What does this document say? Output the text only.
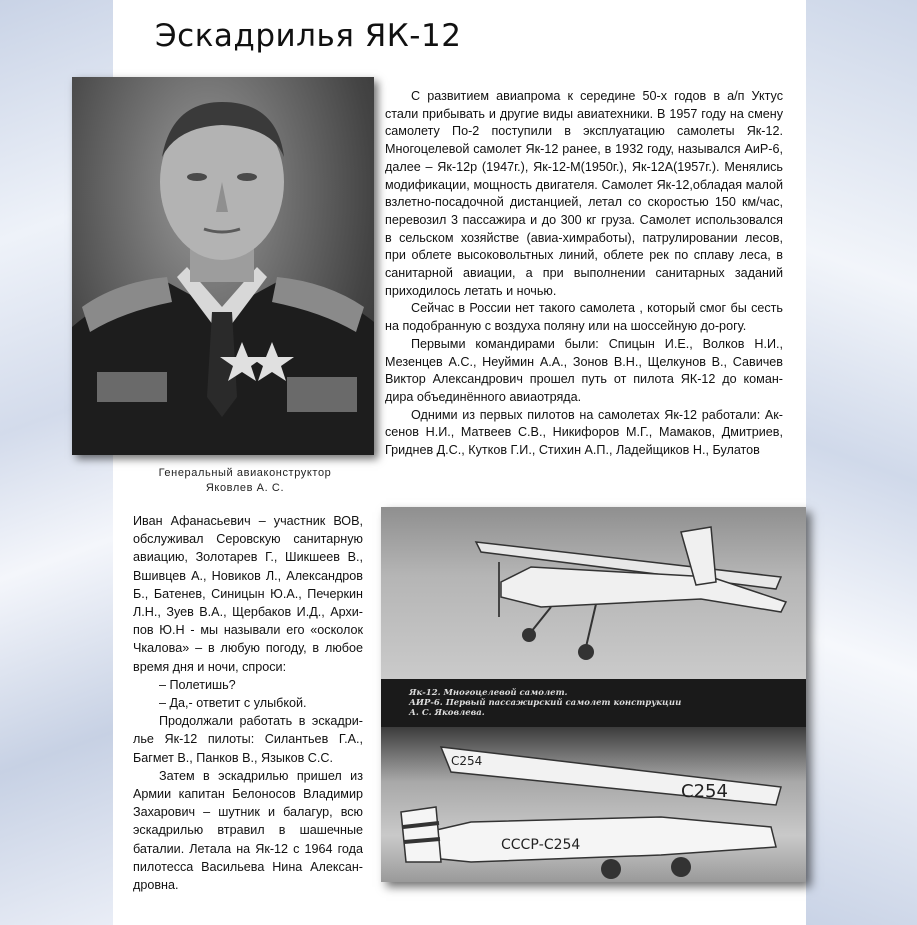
Эскадрилья ЯК-12
Генеральный авиаконструктор
Яковлев А. С.

С развитием авиапрома к середине 50-х годов в а/п Уктус стали прибывать и другие виды авиатехники. В 1957 году на смену самолету По-2 поступили в эксплуатацию самолеты Як-12. Многоцелевой самолет Як-12 ранее, в 1932 году, назывался АиР-6, далее – Як-12р (1947г.), Як-12-М(1950г.), Як-12А(1957г.). Менялись модификации, мощность двигателя. Самолет Як-12,обладая малой взлетно-посадочной дистанцией, летал со скоростью 150 км/час, перевозил 3 пассажира и до 300 кг груза. Самолет использовался в сельском хозяйстве (авиа-химработы), патрулировании лесов, при облете высоковольтных линий, облете рек по сплаву леса, в санитарной авиации, а при выполнении санитарных заданий приходилось летать и ночью.

Сейчас в России нет такого самолета , который смог бы сесть на подобранную с воздуха поляну или на шоссейную до-рогу.

Первыми командирами были: Спицын И.Е., Волков Н.И., Мезенцев А.С., Неуймин А.А., Зонов В.Н., Щелкунов В., Савичев Виктор Александрович прошел путь от пилота ЯК-12 до коман-дира объединённого авиаотряда.

Одними из первых пилотов на самолетах Як-12 работали: Ак-сенов Н.И., Матвеев С.В., Никифоров М.Г., Мамаков, Дмитриев, Гриднев Д.С., Кутков Г.И., Стихин А.П., Ладейщиков Н., Булатов

Иван Афанасьевич – участник ВОВ, обслуживал Серовскую санитарную авиацию, Золотарев Г., Шикшеев В., Вшивцев А., Новиков Л., Александров Б., Батенев, Синицын Ю.А., Печеркин Л.Н., Зуев В.А., Щербаков И.Д., Архи-пов Ю.Н - мы называли его «осколок Чкалова» – в любую погоду, в любое время дня и ночи, спроси:

– Полетишь?

– Да,- ответит с улыбкой.

Продолжали работать в эскадри-лье Як-12 пилоты: Силантьев Г.А., Багмет В., Панков В., Языков С.С.

Затем в эскадрилью пришел из Армии капитан Белоносов Владимир Захарович – шутник и балагур, всю эскадрилью втравил в шашечные баталии. Летала на Як-12 с 1964 года пилотесса Васильева Нина Алексан-дровна.

Як-12. Многоцелевой самолет.
АИР-6. Первый пассажирский самолет конструкции
А. С. Яковлева.
С254
СССР-С254
С254
